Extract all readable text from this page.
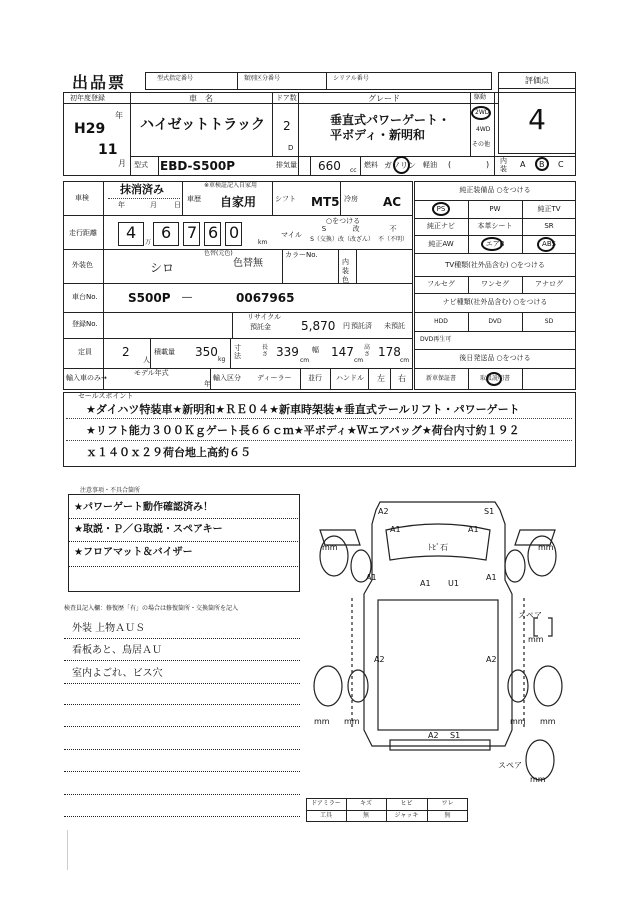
出品票	型式指定番号	類別区分番号	シリアル番号	評価点
4
初年度登録
H29
年
11
月
車　名
ハイゼットトラック
ドア数
2
D
グレード
垂直式パワーゲート・
平ボディ・新明和
駆動
2WD
4WD
その他
型式 EBD-S500P	排気量 660 cc
燃料 ガソリン 軽油 (	) 内装 A B C
車検
抹消済み
年	月 日
車歴
※車検証記入自家用
自家用	シフト MT5 冷房 AC
走行距離 4
万
6 7 6 0
km
○をつける
マイル
S
S（交換）
改
改（改ざん）
不
不（不明）
外装色	シロ
色替(元色)
色替無
カラーNo.
内装色
車台No.	S500P ―	0067965
登録No.
リサイクル
預託金	5,870 円 預託済 未預託
定員	2
人
積載量 350
kg
寸法
長さ 339
cm
幅 147
cm
高さ 178
cm
輸入車のみ→
モデル年式
年
輸入区分 ディーラー 並行 ハンドル 左 右
純正装備品 ○をつける
PS	PW	純正TV
純正ナビ	本革シート	SR
純正AW	エアB	ABS
TV種類(社外品含む) ○をつける
フルセグ	ワンセグ	アナログ
ナビ種類(社外品含む) ○をつける
HDD	DVD	SD
DVD再生可
後日発送品 ○をつける
新車保証書	取扱説明書
セールスポイント
★ダイハツ特装車★新明和★ＲＥ０４★新車時架装★垂直式テールリフト・パワーゲート
★リフト能力３００Ｋｇゲート長６６ｃｍ★平ボディ★Ｗエアバッグ★荷台内寸約１９２
ｘ１４０ｘ２９荷台地上高約６５
注意事項・不具合箇所
★パワーゲート動作確認済み！
★取説・Ｐ／Ｇ取説・スペアキー
★フロアマット＆バイザー
検査員記入欄：修復歴「有」の場合は修復箇所・交換箇所を記入
外装 上物ＡＵＳ
看板あと、鳥居ＡＵ
室内よごれ、ビス穴
A2	S1
A1	A1
ﾄﾋﾞ石
A1
A1
A1
U1
A2	A2
A2 S1
mm	mm
mm mm	mm mm
mm
mm
スペア
スペア
ドアミラー	キズ	ヒビ	ワレ
工具	無	ジャッキ	無
